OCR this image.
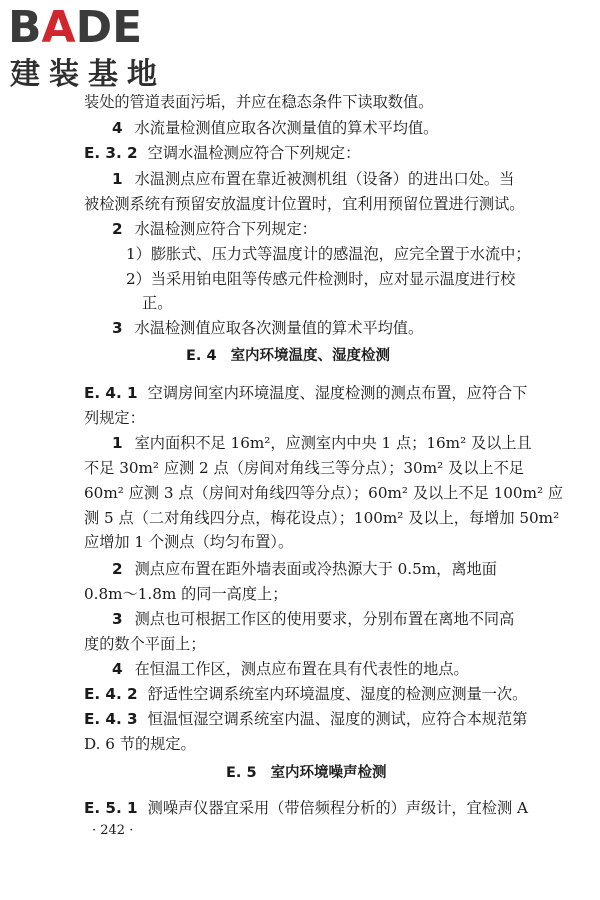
BADE
建装基地
装处的管道表面污垢，并应在稳态条件下读取数值。
4 水流量检测值应取各次测量值的算术平均值。
E. 3. 2 空调水温检测应符合下列规定：
1 水温测点应布置在靠近被测机组（设备）的进出口处。当
被检测系统有预留安放温度计位置时，宜利用预留位置进行测试。
2 水温检测应符合下列规定：
1）膨胀式、压力式等温度计的感温泡，应完全置于水流中；
2）当采用铂电阻等传感元件检测时，应对显示温度进行校
正。
3 水温检测值应取各次测量值的算术平均值。
E. 4 室内环境温度、湿度检测
E. 4. 1 空调房间室内环境温度、湿度检测的测点布置，应符合下
列规定：
1 室内面积不足 16m²，应测室内中央 1 点；16m² 及以上且
不足 30m² 应测 2 点（房间对角线三等分点）；30m² 及以上不足
60m² 应测 3 点（房间对角线四等分点）；60m² 及以上不足 100m² 应
测 5 点（二对角线四分点，梅花设点）；100m² 及以上，每增加 50m²
应增加 1 个测点（均匀布置）。
2 测点应布置在距外墙表面或冷热源大于 0.5m，离地面
0.8m～1.8m 的同一高度上；
3 测点也可根据工作区的使用要求，分别布置在离地不同高
度的数个平面上；
4 在恒温工作区，测点应布置在具有代表性的地点。
E. 4. 2 舒适性空调系统室内环境温度、湿度的检测应测量一次。
E. 4. 3 恒温恒湿空调系统室内温、湿度的测试，应符合本规范第
D. 6 节的规定。
E. 5 室内环境噪声检测
E. 5. 1 测噪声仪器宜采用（带倍频程分析的）声级计，宜检测 A
· 242 ·
